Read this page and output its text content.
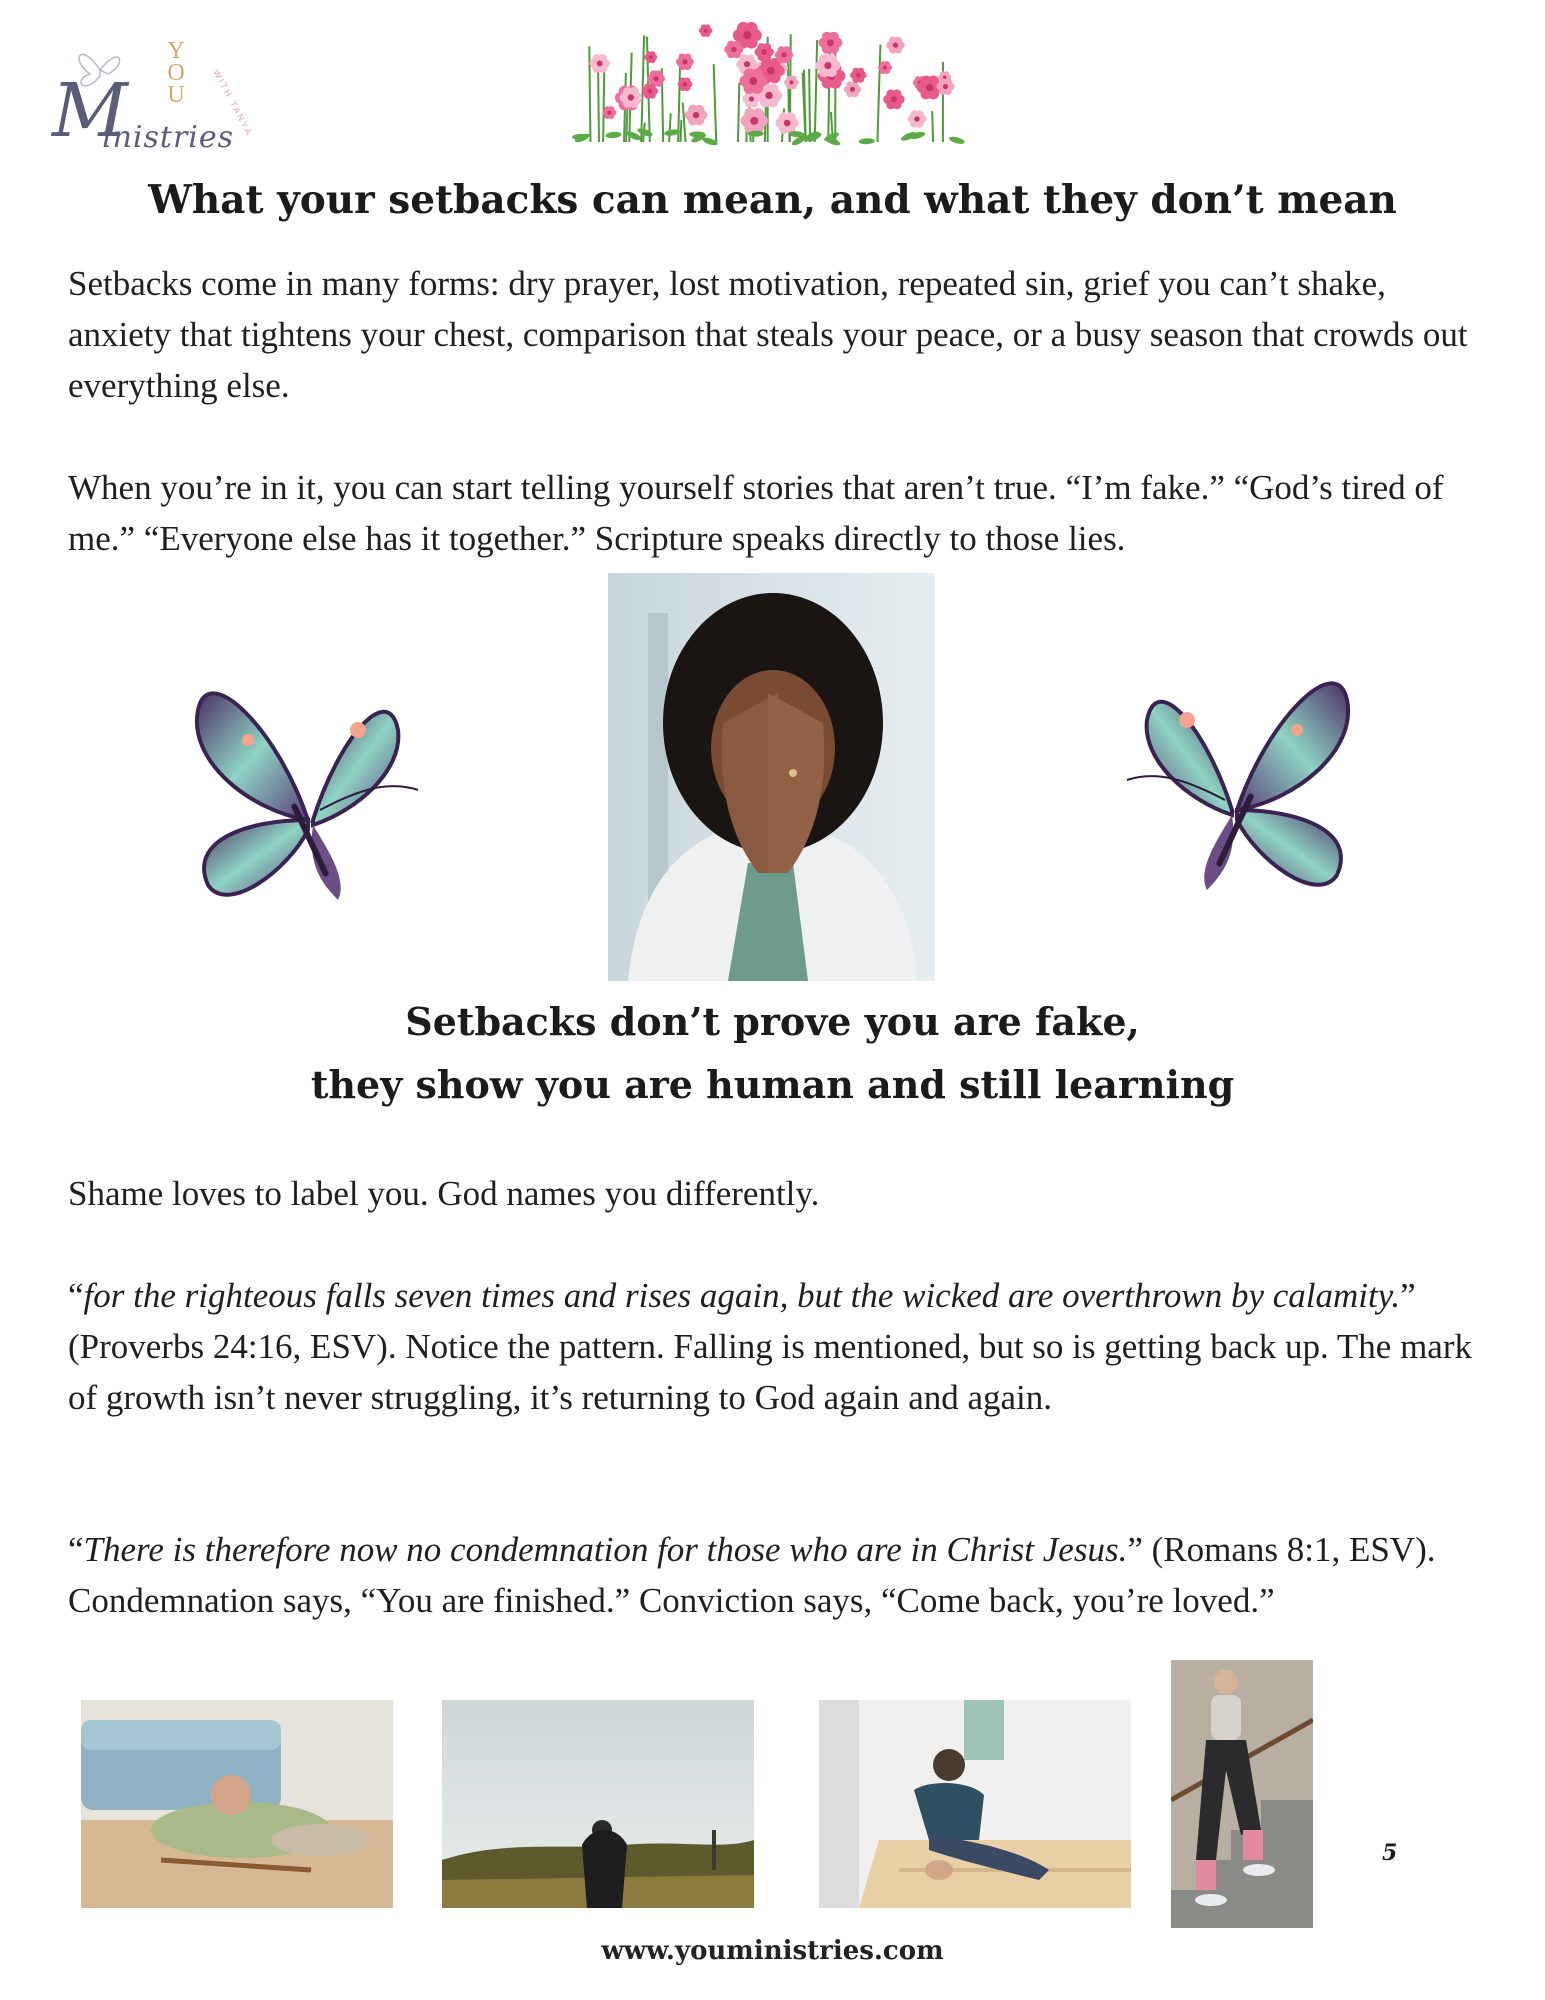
Y
O
U
M
inistries
WITH TANYA
What your setbacks can mean, and what they don’t mean
Setbacks come in many forms: dry prayer, lost motivation, repeated sin, grief you can’t shake, anxiety that tightens your chest, comparison that steals your peace, or a busy season that crowds out everything else.
When you’re in it, you can start telling yourself stories that aren’t true. “I’m fake.” “God’s tired of me.” “Everyone else has it together.” Scripture speaks directly to those lies.
Setbacks don’t prove you are fake,
they show you are human and still learning
Shame loves to label you. God names you differently.
“for the righteous falls seven times and rises again, but the wicked are overthrown by calamity.” (Proverbs 24:16, ESV). Notice the pattern. Falling is mentioned, but so is getting back up. The mark of growth isn’t never struggling, it’s returning to God again and again.
“There is therefore now no condemnation for those who are in Christ Jesus.” (Romans 8:1, ESV). Condemnation says, “You are finished.” Conviction says, “Come back, you’re loved.”
5
www.youministries.com
